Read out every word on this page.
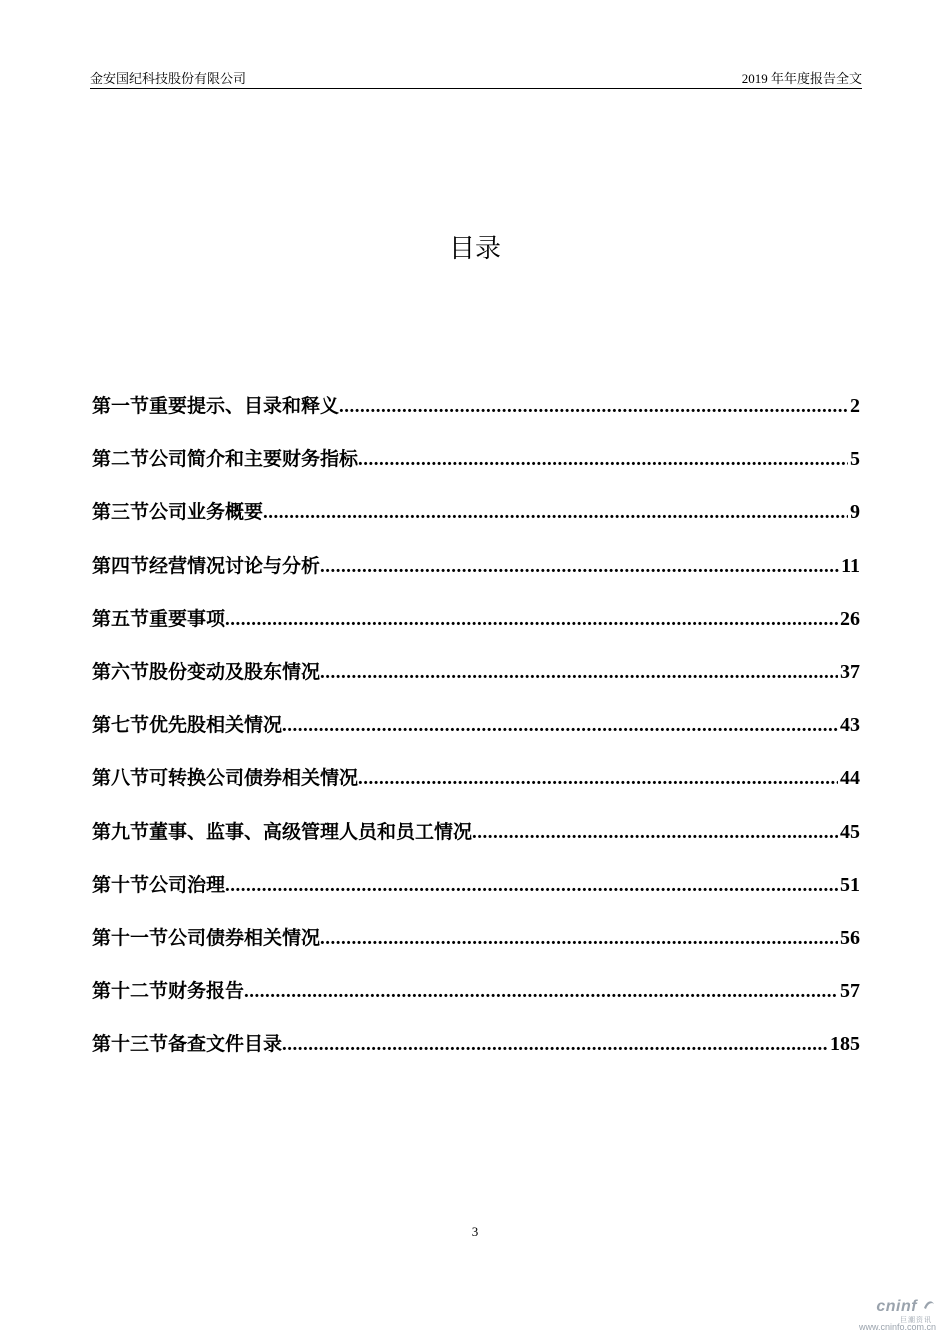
金安国纪科技股份有限公司	2019 年年度报告全文
目录
第一节重要提示、目录和释义 .....	2
第二节公司简介和主要财务指标 .....	5
第三节公司业务概要 .....	9
第四节经营情况讨论与分析 .....	11
第五节重要事项 .....	26
第六节股份变动及股东情况 .....	37
第七节优先股相关情况 .....	43
第八节可转换公司债券相关情况 .....	44
第九节董事、监事、高级管理人员和员工情况 .....	45
第十节公司治理 .....	51
第十一节公司债券相关情况 .....	56
第十二节财务报告 .....	57
第十三节备查文件目录 .....	185
3
cninf
巨潮资讯
www.cninfo.com.cn
